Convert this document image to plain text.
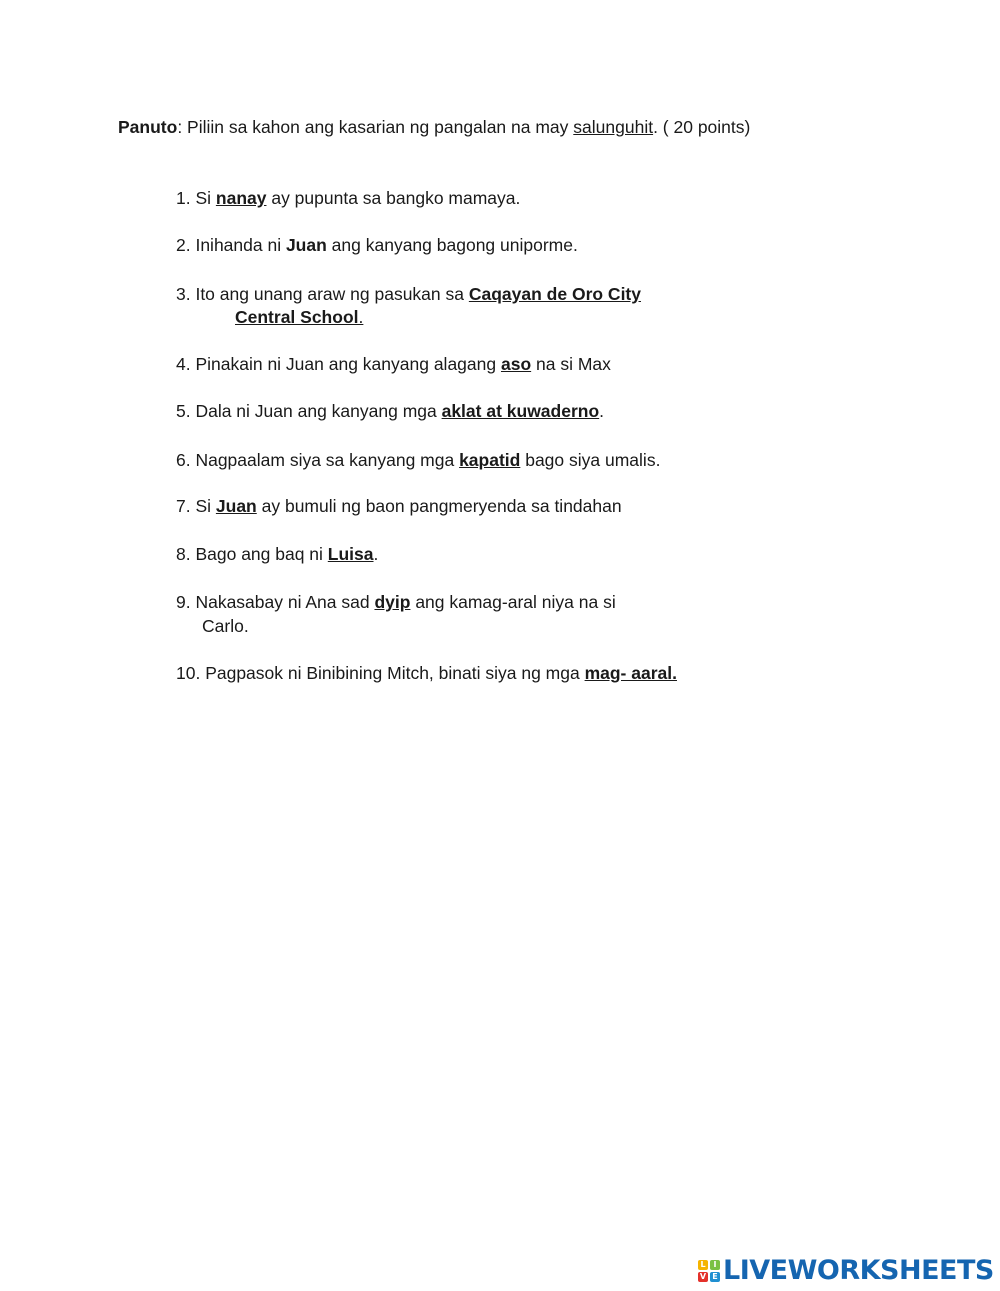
Panuto: Piliin sa kahon ang kasarian ng pangalan na may salunguhit. ( 20 points)
1. Si nanay ay pupunta sa bangko mamaya.
2. Inihanda ni Juan ang kanyang bagong uniporme.
3. Ito ang unang araw ng pasukan sa Caqayan de Oro City
Central School.
4. Pinakain ni Juan ang kanyang alagang aso na si Max
5. Dala ni Juan ang kanyang mga aklat at kuwaderno.
6. Nagpaalam siya sa kanyang mga kapatid bago siya umalis.
7. Si Juan ay bumuli ng baon pangmeryenda sa tindahan
8. Bago ang baq ni Luisa.
9. Nakasabay ni Ana sad dyip ang kamag-aral niya na si
Carlo.
10. Pagpasok ni Binibining Mitch, binati siya ng mga mag- aaral.
L I
V E LIVEWORKSHEETS
